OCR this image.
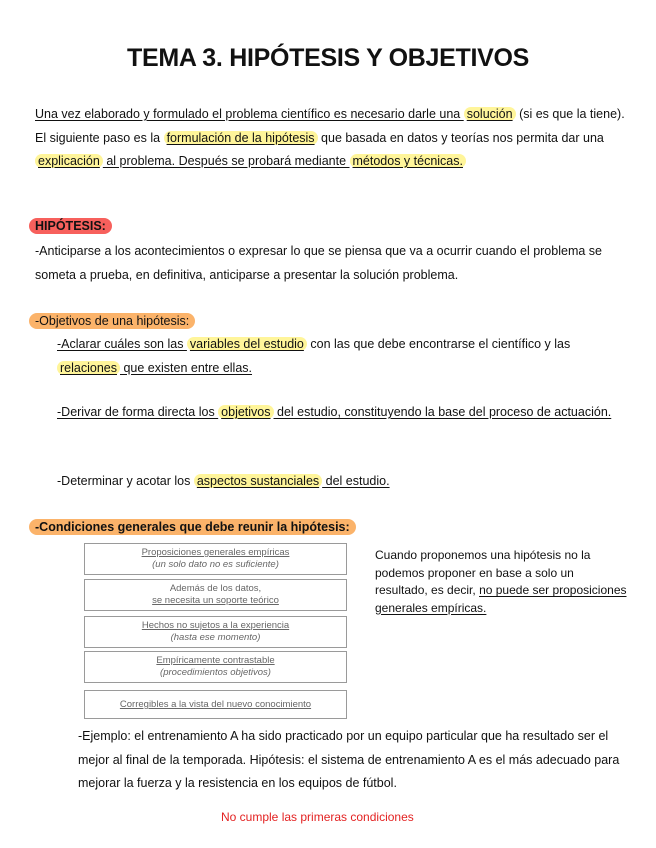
TEMA 3. HIPÓTESIS Y OBJETIVOS
Una vez elaborado y formulado el problema científico es necesario darle una solución (si es que la tiene). El siguiente paso es la formulación de la hipótesis que basada en datos y teorías nos permita dar una explicación al problema. Después se probará mediante métodos y técnicas.
HIPÓTESIS:
-Anticiparse a los acontecimientos o expresar lo que se piensa que va a ocurrir cuando el problema se someta a prueba, en definitiva, anticiparse a presentar la solución problema.
-Objetivos de una hipótesis:
-Aclarar cuáles son las variables del estudio con las que debe encontrarse el científico y las relaciones que existen entre ellas.
-Derivar de forma directa los objetivos del estudio, constituyendo la base del proceso de actuación.
-Determinar y acotar los aspectos sustanciales del estudio.
-Condiciones generales que debe reunir la hipótesis:
Proposiciones generales empíricas
(un solo dato no es suficiente)
Además de los datos,
se necesita un soporte teórico
Hechos no sujetos a la experiencia
(hasta ese momento)
Empíricamente contrastable
(procedimientos objetivos)
Corregibles a la vista del nuevo conocimiento
Cuando proponemos una hipótesis no la podemos proponer en base a solo un resultado, es decir, no puede ser proposiciones generales empíricas.
-Ejemplo: el entrenamiento A ha sido practicado por un equipo particular que ha resultado ser el mejor al final de la temporada. Hipótesis: el sistema de entrenamiento A es el más adecuado para mejorar la fuerza y la resistencia en los equipos de fútbol.
No cumple las primeras condiciones
